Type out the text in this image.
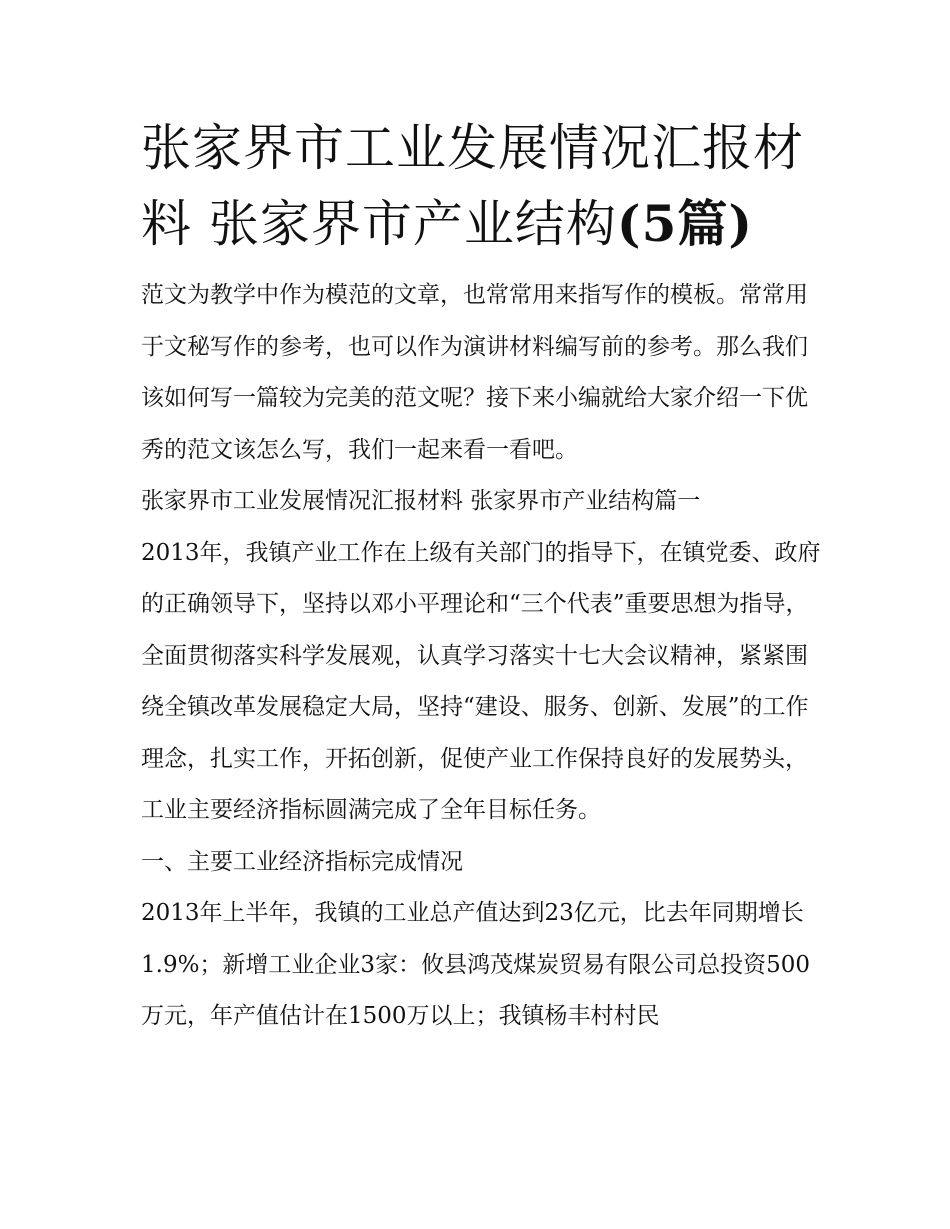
张家界市工业发展情况汇报材料 张家界市产业结构(5篇)

范文为教学中作为模范的文章，也常常用来指写作的模板。常常用于文秘写作的参考，也可以作为演讲材料编写前的参考。那么我们该如何写一篇较为完美的范文呢？接下来小编就给大家介绍一下优秀的范文该怎么写，我们一起来看一看吧。

张家界市工业发展情况汇报材料 张家界市产业结构篇一

2013年，我镇产业工作在上级有关部门的指导下，在镇党委、政府的正确领导下，坚持以邓小平理论和“三个代表”重要思想为指导，全面贯彻落实科学发展观，认真学习落实十七大会议精神，紧紧围绕全镇改革发展稳定大局，坚持“建设、服务、创新、发展”的工作理念，扎实工作，开拓创新，促使产业工作保持良好的发展势头，工业主要经济指标圆满完成了全年目标任务。

一、主要工业经济指标完成情况

2013年上半年，我镇的工业总产值达到23亿元，比去年同期增长1.9%；新增工业企业3家：攸县鸿茂煤炭贸易有限公司总投资500万元，年产值估计在1500万以上；我镇杨丰村村民
